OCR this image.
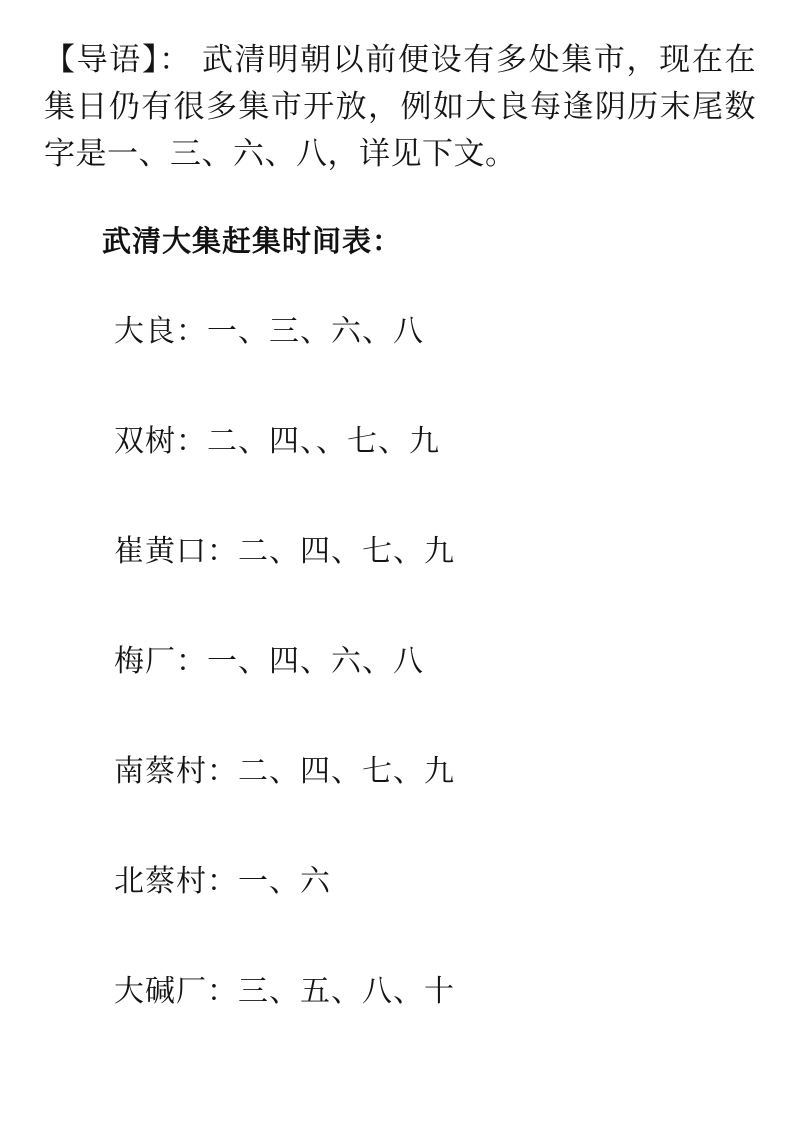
【导语】： 武清明朝以前便设有多处集市，现在在集日仍有很多集市开放，例如大良每逢阴历末尾数字是一、三、六、八，详见下文。

武清大集赶集时间表：
大良：一、三、六、八
双树：二、四、、七、九
崔黄口：二、四、七、九
梅厂：一、四、六、八
南蔡村：二、四、七、九
北蔡村：一、六
大碱厂：三、五、八、十
